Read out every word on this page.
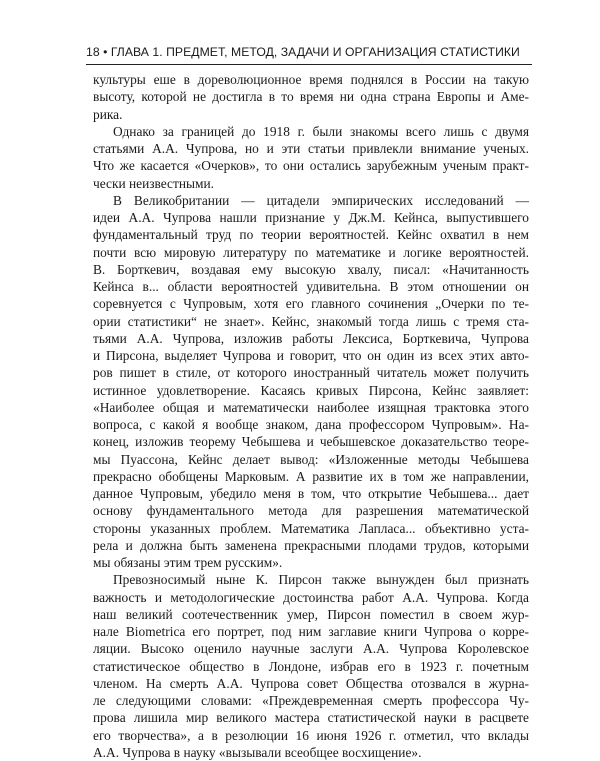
18 • ГЛАВА 1. ПРЕДМЕТ, МЕТОД, ЗАДАЧИ И ОРГАНИЗАЦИЯ СТАТИСТИКИ

культуры еше в дореволюционное время поднялся в России на такую
высоту, которой не достигла в то время ни одна страна Европы и Аме-
рика.

Однако за границей до 1918 г. были знакомы всего лишь с двумя
статьями А.А. Чупрова, но и эти статьи привлекли внимание ученых.
Что же касается «Очерков», то они остались зарубежным ученым практ-
чески неизвестными.

В Великобритании — цитадели эмпирических исследований —
идеи А.А. Чупрова нашли признание у Дж.М. Кейнса, выпустившего
фундаментальный труд по теории вероятностей. Кейнс охватил в нем
почти всю мировую литературу по математике и логике вероятностей.
В. Борткевич, воздавая ему высокую хвалу, писал: «Начитанность
Кейнса в... области вероятностей удивительна. В этом отношении он
соревнуется с Чупровым, хотя его главного сочинения „Очерки по те-
ории статистики“ не знает». Кейнс, знакомый тогда лишь с тремя ста-
тьями А.А. Чупрова, изложив работы Лексиса, Борткевича, Чупрова
и Пирсона, выделяет Чупрова и говорит, что он один из всех этих авто-
ров пишет в стиле, от которого иностранный читатель может получить
истинное удовлетворение. Касаясь кривых Пирсона, Кейнс заявляет:
«Наиболее общая и математически наиболее изящная трактовка этого
вопроса, с какой я вообще знаком, дана профессором Чупровым». На-
конец, изложив теорему Чебышева и чебышевское доказательство теоре-
мы Пуассона, Кейнс делает вывод: «Изложенные методы Чебышева
прекрасно обобщены Марковым. А развитие их в том же направлении,
данное Чупровым, убедило меня в том, что открытие Чебышева... дает
основу фундаментального метода для разрешения математической
стороны указанных проблем. Математика Лапласа... объективно уста-
рела и должна быть заменена прекрасными плодами трудов, которыми
мы обязаны этим трем русским».

Превозносимый ныне К. Пирсон также вынужден был признать
важность и методологические достоинства работ А.А. Чупрова. Когда
наш великий соотечественник умер, Пирсон поместил в своем жур-
нале Biometrica его портрет, под ним заглавие книги Чупрова о корре-
ляции. Высоко оценило научные заслуги А.А. Чупрова Королевское
статистическое общество в Лондоне, избрав его в 1923 г. почетным
членом. На смерть А.А. Чупрова совет Общества отозвался в журна-
ле следующими словами: «Преждевременная смерть профессора Чу-
прова лишила мир великого мастера статистической науки в расцвете
его творчества», а в резолюции 16 июня 1926 г. отметил, что вклады
А.А. Чупрова в науку «вызывали всеобщее восхищение».
